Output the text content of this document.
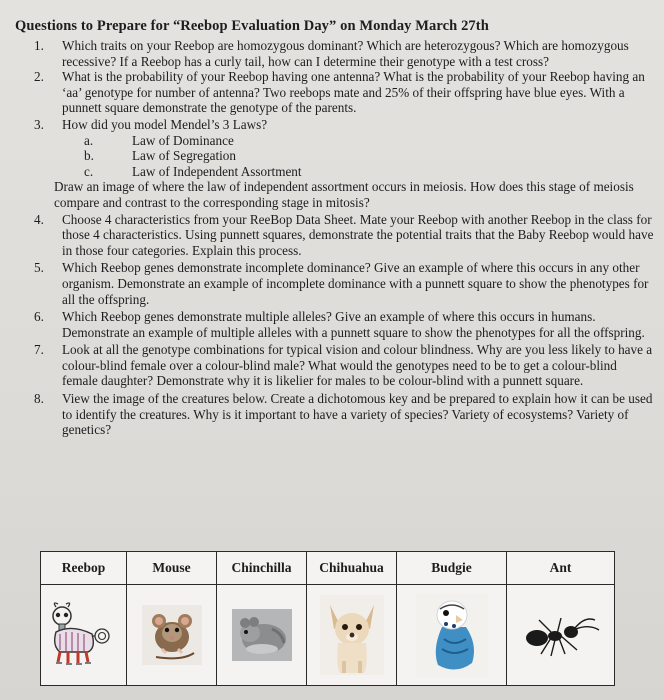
Questions to Prepare for “Reebop Evaluation Day” on Monday March 27th
1. Which traits on your Reebop are homozygous dominant? Which are heterozygous? Which are homozygous recessive? If a Reebop has a curly tail, how can I determine their genotype with a test cross?
2. What is the probability of your Reebop having one antenna? What is the probability of your Reebop having an ‘aa’ genotype for number of antenna? Two reebops mate and 25% of their offspring have blue eyes. With a punnett square demonstrate the genotype of the parents.
3. How did you model Mendel’s 3 Laws?
a.	Law of Dominance
b.	Law of Segregation
c.	Law of Independent Assortment
Draw an image of where the law of independent assortment occurs in meiosis. How does this stage of meiosis compare and contrast to the corresponding stage in mitosis?
4. Choose 4 characteristics from your ReeBop Data Sheet. Mate your Reebop with another Reebop in the class for those 4 characteristics. Using punnett squares, demonstrate the potential traits that the Baby Reebop would have in those four categories. Explain this process.
5. Which Reebop genes demonstrate incomplete dominance? Give an example of where this occurs in any other organism. Demonstrate an example of incomplete dominance with a punnett square to show the phenotypes for all the offspring.
6. Which Reebop genes demonstrate multiple alleles? Give an example of where this occurs in humans. Demonstrate an example of multiple alleles with a punnett square to show the phenotypes for all the offspring.
7. Look at all the genotype combinations for typical vision and colour blindness. Why are you less likely to have a colour-blind female over a colour-blind male? What would the genotypes need to be to get a colour-blind female daughter? Demonstrate why it is likelier for males to be colour-blind with a punnett square.
8. View the image of the creatures below. Create a dichotomous key and be prepared to explain how it can be used to identify the creatures. Why is it important to have a variety of species? Variety of ecosystems? Variety of genetics?
Reebop	Mouse	Chinchilla	Chihuahua	Budgie	Ant
